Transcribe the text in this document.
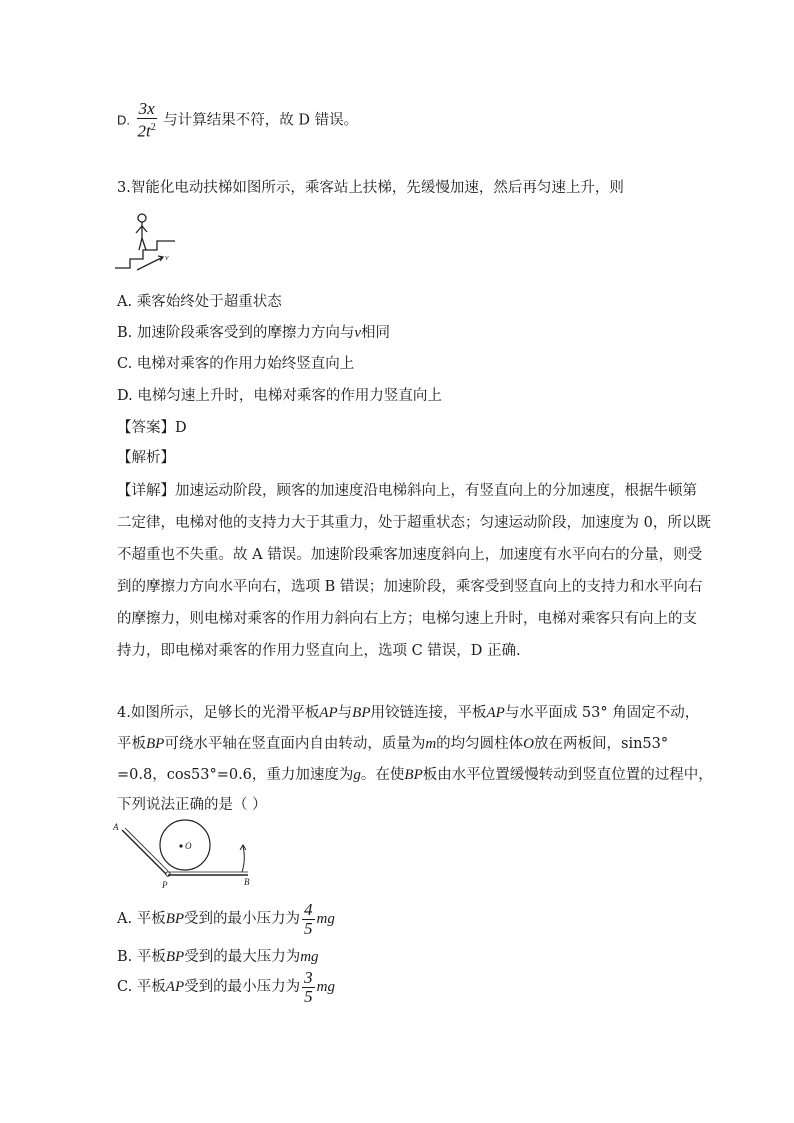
D. $\frac{3x}{2t^2}$ 与计算结果不符，故 D 错误。
3.智能化电动扶梯如图所示，乘客站上扶梯，先缓慢加速，然后再匀速上升，则
v
A. 乘客始终处于超重状态
B. 加速阶段乘客受到的摩擦力方向与v相同
C. 电梯对乘客的作用力始终竖直向上
D. 电梯匀速上升时，电梯对乘客的作用力竖直向上
【答案】D
【解析】
【详解】加速运动阶段，顾客的加速度沿电梯斜向上，有竖直向上的分加速度，根据牛顿第
二定律，电梯对他的支持力大于其重力，处于超重状态；匀速运动阶段，加速度为 0，所以既
不超重也不失重。故 A 错误。加速阶段乘客加速度斜向上，加速度有水平向右的分量，则受
到的摩擦力方向水平向右，选项 B 错误；加速阶段，乘客受到竖直向上的支持力和水平向右
的摩擦力，则电梯对乘客的作用力斜向右上方；电梯匀速上升时，电梯对乘客只有向上的支
持力，即电梯对乘客的作用力竖直向上，选项 C 错误，D 正确.
4.如图所示，足够长的光滑平板AP与BP用铰链连接，平板AP与水平面成 53° 角固定不动，
平板BP可绕水平轴在竖直面内自由转动，质量为m的均匀圆柱体O放在两板间，sin53°
=0.8，cos53°=0.6，重力加速度为g。在使BP板由水平位置缓慢转动到竖直位置的过程中，
下列说法正确的是（ ）
A
O
P	B
A. 平板BP受到的最小压力为 $\frac{4}{5}$ mg
B. 平板BP受到的最大压力为mg
C. 平板AP受到的最小压力为 $\frac{3}{5}$ mg
